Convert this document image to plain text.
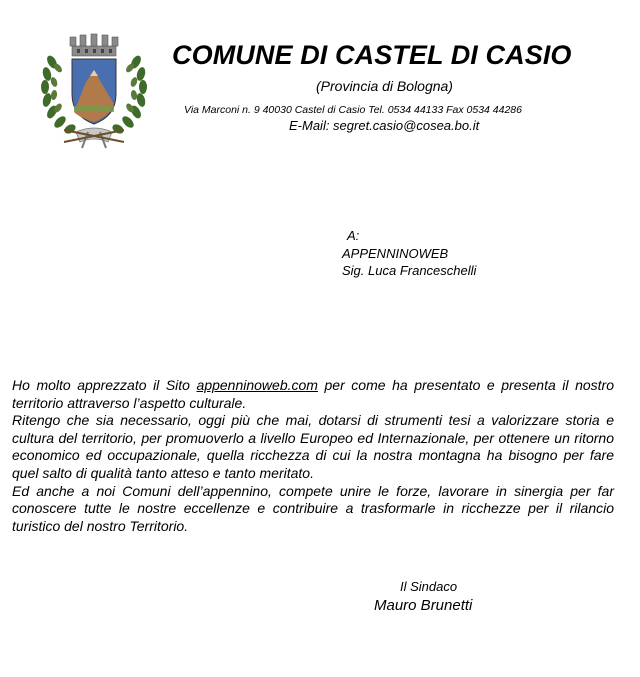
COMUNE DI CASTEL DI CASIO
(Provincia di Bologna)
Via Marconi n. 9 40030 Castel di Casio Tel. 0534 44133 Fax 0534 44286
E-Mail: segret.casio@cosea.bo.it
A:
APPENNINOWEB
Sig. Luca Franceschelli

Ho molto apprezzato il Sito appenninoweb.com per come ha presentato e presenta il nostro territorio attraverso l’aspetto culturale.

Ritengo che sia necessario, oggi più che mai, dotarsi di strumenti tesi a valorizzare storia e cultura del territorio, per promuoverlo a livello Europeo ed Internazionale, per ottenere un ritorno economico ed occupazionale, quella ricchezza di cui la nostra montagna ha bisogno per fare quel salto di qualità tanto atteso e tanto meritato.

Ed anche a noi Comuni dell’appennino, compete unire le forze, lavorare in sinergia per far conoscere tutte le nostre eccellenze e contribuire a trasformarle in ricchezze per il rilancio turistico del nostro Territorio.

Il Sindaco
Mauro Brunetti
